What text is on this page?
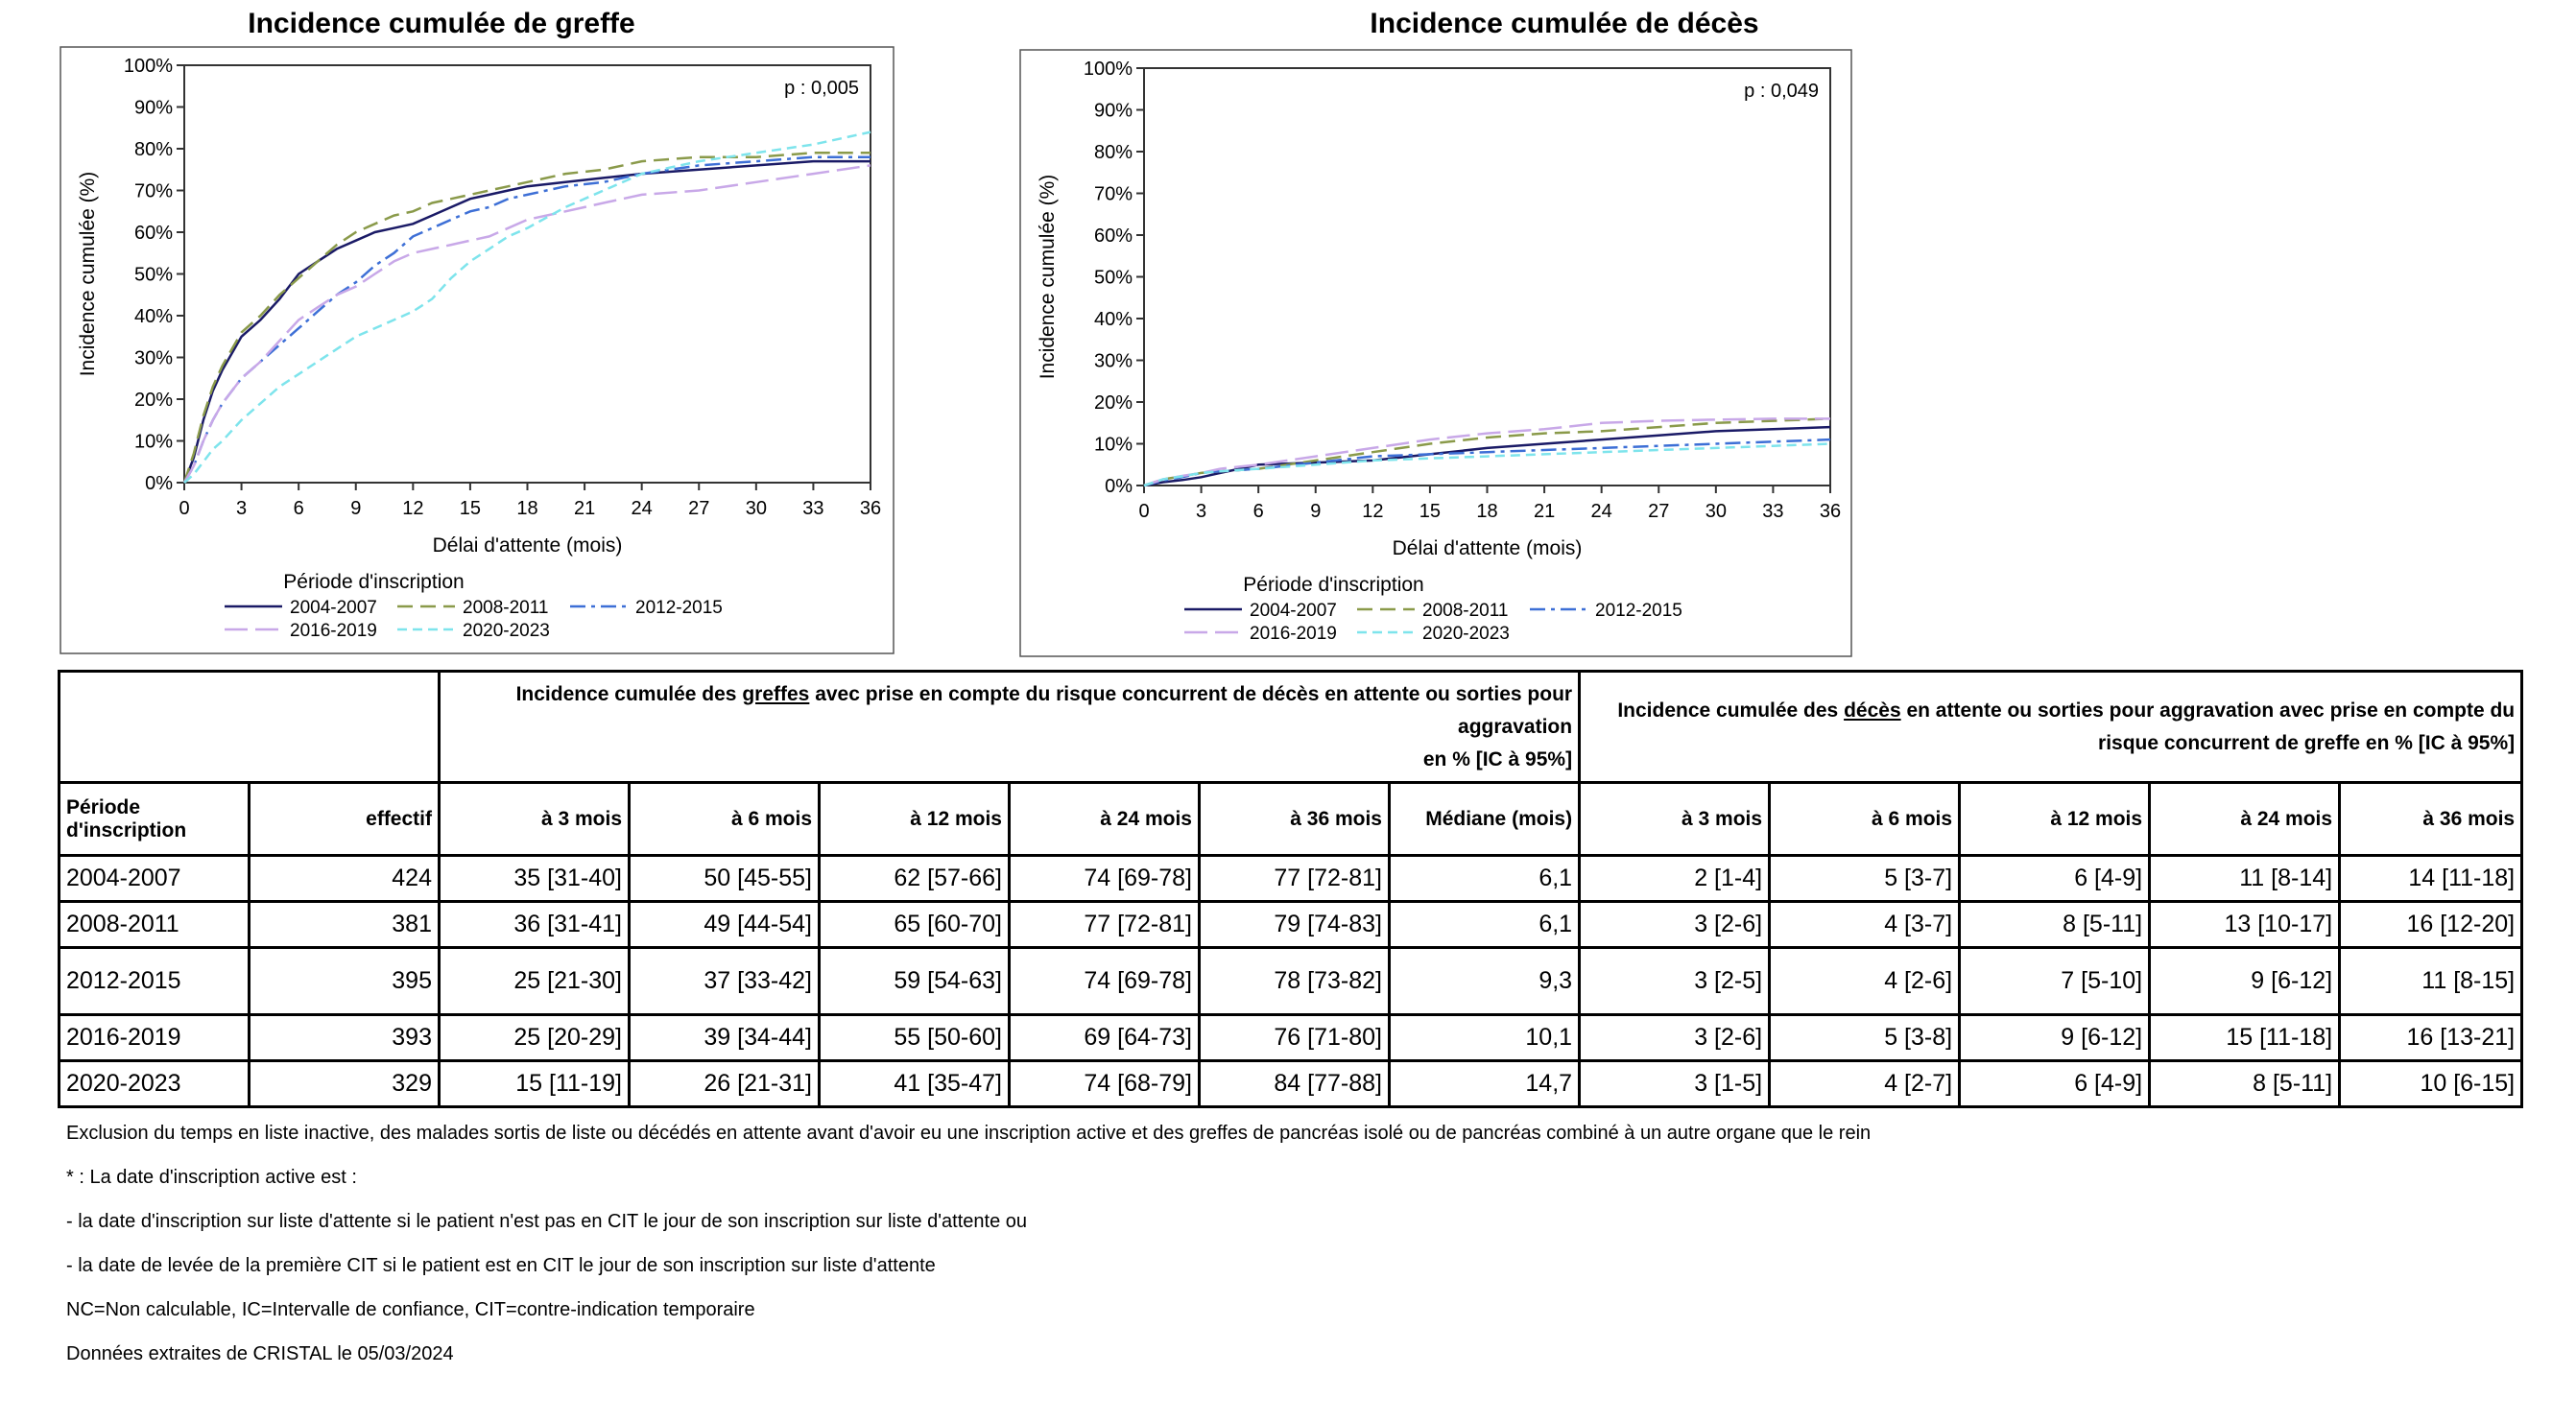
Incidence cumulée de greffe	Incidence cumulée de décès
0%
10%
20%
30%
40%
50%
60%
70%
80%
90%
100%
0 3 6 9 12 15 18 21 24 27 30 33 36
Délai d'attente (mois)
Incidence cumulée (%)
p : 0,005
Période d'inscription
2004-2007	2008-2011	2012-2015
2016-2019	2020-2023
0%
10%
20%
30%
40%
50%
60%
70%
80%
90%
100%
0 3 6 9 12 15 18 21 24 27 30 33 36
Délai d'attente (mois)
Incidence cumulée (%)
p : 0,049
Période d'inscription
2004-2007	2008-2011	2012-2015
2016-2019	2020-2023
		Incidence cumulée des greffes avec prise en compte du risque concurrent de décès en attente ou sorties pour
aggravation
en % [IC à 95%]						Incidence cumulée des décès en attente ou sorties pour aggravation avec prise en compte du
risque concurrent de greffe en % [IC à 95%]				
Période
d'inscription	effectif	à 3 mois	à 6 mois	à 12 mois	à 24 mois	à 36 mois	Médiane (mois)	à 3 mois	à 6 mois	à 12 mois	à 24 mois	à 36 mois
2004-2007	424	35 [31-40]	50 [45-55]	62 [57-66]	74 [69-78]	77 [72-81]	6,1	2 [1-4]	5 [3-7]	6 [4-9]	11 [8-14]	14 [11-18]
2008-2011	381	36 [31-41]	49 [44-54]	65 [60-70]	77 [72-81]	79 [74-83]	6,1	3 [2-6]	4 [3-7]	8 [5-11]	13 [10-17]	16 [12-20]
2012-2015	395	25 [21-30]	37 [33-42]	59 [54-63]	74 [69-78]	78 [73-82]	9,3	3 [2-5]	4 [2-6]	7 [5-10]	9 [6-12]	11 [8-15]
2016-2019	393	25 [20-29]	39 [34-44]	55 [50-60]	69 [64-73]	76 [71-80]	10,1	3 [2-6]	5 [3-8]	9 [6-12]	15 [11-18]	16 [13-21]
2020-2023	329	15 [11-19]	26 [21-31]	41 [35-47]	74 [68-79]	84 [77-88]	14,7	3 [1-5]	4 [2-7]	6 [4-9]	8 [5-11]	10 [6-15]

Exclusion du temps en liste inactive, des malades sortis de liste ou décédés en attente avant d'avoir eu une inscription active et des greffes de pancréas isolé ou de pancréas combiné à un autre organe que le rein

* : La date d'inscription active est :

- la date d'inscription sur liste d'attente si le patient n'est pas en CIT le jour de son inscription sur liste d'attente ou

- la date de levée de la première CIT si le patient est en CIT le jour de son inscription sur liste d'attente

NC=Non calculable, IC=Intervalle de confiance, CIT=contre-indication temporaire

Données extraites de CRISTAL le 05/03/2024
